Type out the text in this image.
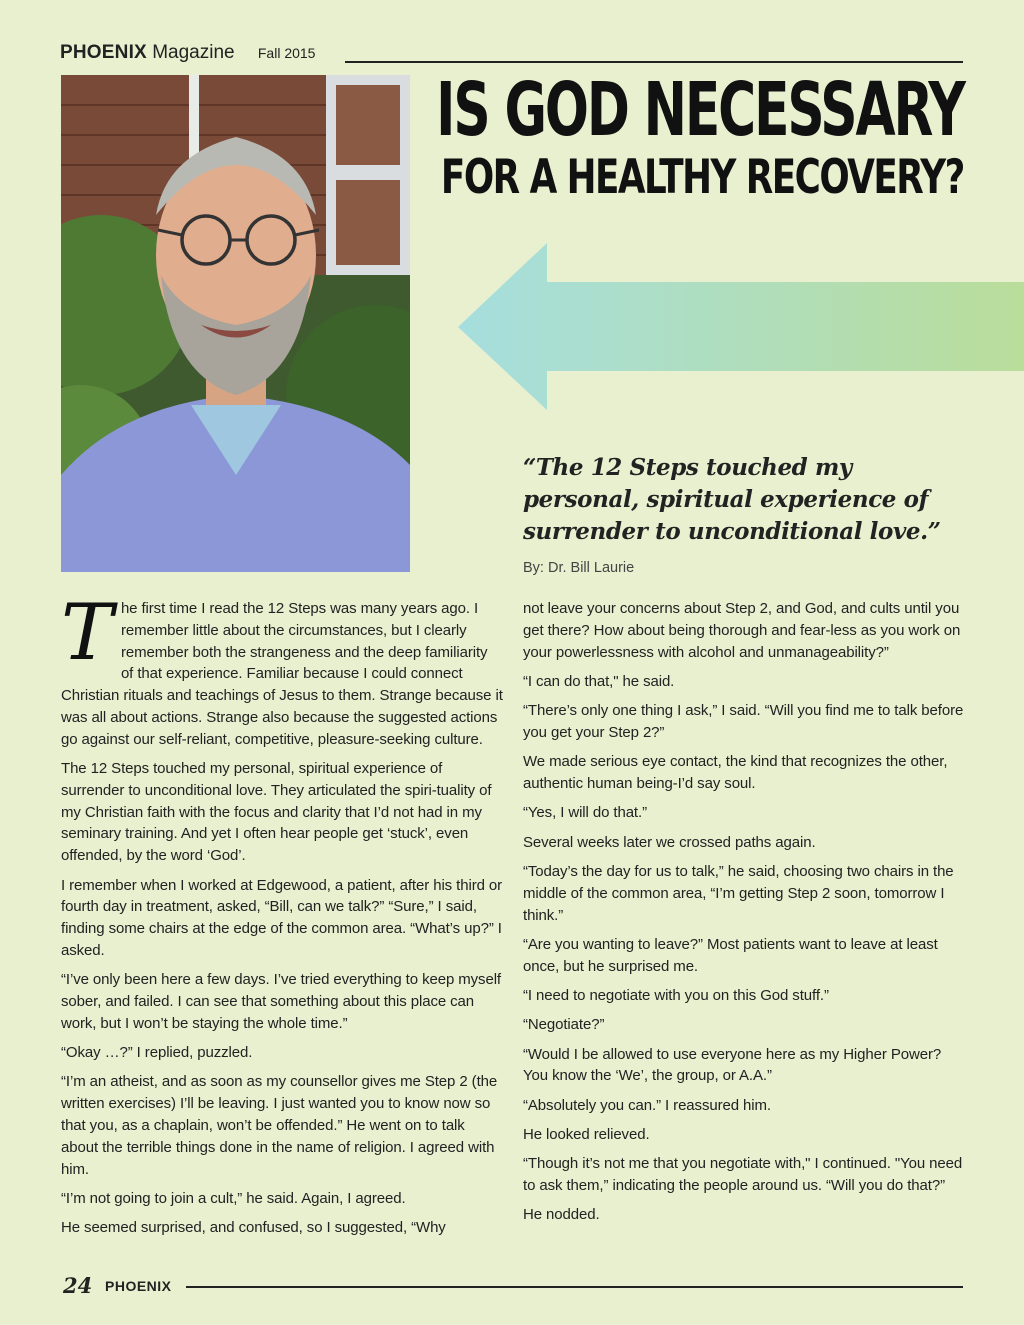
PHOENIX Magazine Fall 2015
IS GOD NECESSARY
FOR A HEALTHY RECOVERY?
“The 12 Steps touched my personal, spiritual experience of surrender to unconditional love.”
By: Dr. Bill Laurie

The first time I read the 12 Steps was many years ago. I remember little about the circumstances, but I clearly remember both the strangeness and the deep familiarity of that experience. Familiar because I could connect Christian rituals and teachings of Jesus to them. Strange because it was all about actions. Strange also because the suggested actions go against our self-reliant, competitive, pleasure-seeking culture.

The 12 Steps touched my personal, spiritual experience of surrender to unconditional love. They articulated the spiri-tuality of my Christian faith with the focus and clarity that I’d not had in my seminary training. And yet I often hear people get ‘stuck’, even offended, by the word ‘God’.

I remember when I worked at Edgewood, a patient, after his third or fourth day in treatment, asked, “Bill, can we talk?” “Sure,” I said, finding some chairs at the edge of the common area. “What’s up?” I asked.

“I’ve only been here a few days. I’ve tried everything to keep myself sober, and failed. I can see that something about this place can work, but I won’t be staying the whole time.”

“Okay …?” I replied, puzzled.

“I’m an atheist, and as soon as my counsellor gives me Step 2 (the written exercises) I’ll be leaving. I just wanted you to know now so that you, as a chaplain, won’t be offended.” He went on to talk about the terrible things done in the name of religion. I agreed with him.

“I’m not going to join a cult,” he said. Again, I agreed.

He seemed surprised, and confused, so I suggested, “Why

not leave your concerns about Step 2, and God, and cults until you get there? How about being thorough and fear-less as you work on your powerlessness with alcohol and unmanageability?”

“I can do that," he said.

“There’s only one thing I ask,” I said. “Will you find me to talk before you get your Step 2?”

We made serious eye contact, the kind that recognizes the other, authentic human being-I’d say soul.

“Yes, I will do that.”

Several weeks later we crossed paths again.

“Today’s the day for us to talk,” he said, choosing two chairs in the middle of the common area, “I’m getting Step 2 soon, tomorrow I think.”

“Are you wanting to leave?” Most patients want to leave at least once, but he surprised me.

“I need to negotiate with you on this God stuff.”

“Negotiate?”

“Would I be allowed to use everyone here as my Higher Power? You know the ‘We’, the group, or A.A.”

“Absolutely you can.” I reassured him.

He looked relieved.

“Though it’s not me that you negotiate with," I continued. "You need to ask them,” indicating the people around us. “Will you do that?”

He nodded.

24 PHOENIX
